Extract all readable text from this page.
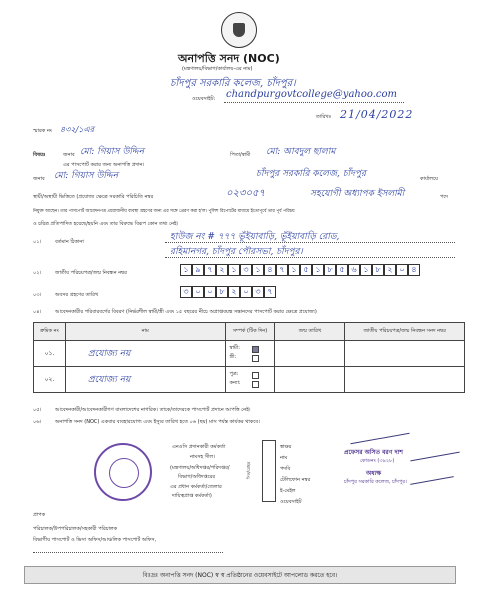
অনাপত্তি সনদ (NOC)
(মন্ত্রণালয়/বিভাগ/কার্যালয়-এর নাম)
চাঁদপুর সরকারি কলেজ, চাঁদপুর।
ওয়েবসাইট: chandpurgovtcollege@yahoo.com
তারিখঃ 21/04/2022
স্মারক নং ৪৩২/১এর
বিষয়ঃ	জনাব মো: গিয়াস উদ্দিন	পিতা/স্বামী মো: আবদুল ছালাম
এর পাসপোর্ট করার জন্য অনাপত্তি প্রদান।
জনাব মো: গিয়াস উদ্দিন	চাঁদপুর সরকারি কলেজ, চাঁদপুর	কার্যালয়ে
স্থায়ী/অস্থায়ী ভিত্তিতে (প্রযোজ্য ক্ষেত্রে সরকারি পরিচিতি নম্বর	০২৩০৫৭	সহযোগী অধ্যাপক ইসলামী	পদে
নিযুক্ত আছেন। তার পাসপোর্ট আবেদনপত্র প্রয়োজনীয় ব্যবস্থা গ্রহণের জন্য এর সঙ্গে প্রেরণ করা হ'ল। পুলিশ রিপোর্টের মাধ্যমে ইতোপূর্বে তার পূর্ব পরিচয়
ও চরিত্র প্রতিপাদিত হয়েছে/হয়নি এবং তার বিরুদ্ধে বিরূপ কোন তথ্য নেই।
০১।	বর্তমান ঠিকানা	হাউজ নং # ৭৭৭ ভূঁইয়াবাড়ি, ভূঁইয়াবাড়ি রোড,
রহিমানগর, চাঁদপুর পৌরসভা, চাঁদপুর।
০২।	জাতীয় পরিচয়পত্র/জন্ম নিবন্ধন নম্বর	১ ৯ ৭ ২ ১ ৩ ১ ৪ ৭ ১ ৫ ১ ৮ ৫ ৬ ১ ৮ ২ ০ ৪
০৩।	অবসর গ্রহণের তারিখ	৩ ০ ০ ৮ ২ ০ ৩ ৭
০৪।	আবেদনকারীর পরিবারবর্গের বিবরণ (নির্ভরশীল স্বামী/স্ত্রী এবং ১৫ বছরের নীচে অপ্রাপ্তবয়স্ক সন্তানদের পাসপোর্ট করার ক্ষেত্রে প্রযোজ্য)
ক্রমিক নং	নাম	সম্পর্ক (টিক দিন)	জন্ম তারিখ	জাতীয় পরিচয়পত্র/জন্ম নিবন্ধন সনদ নম্বর
০১.	প্রযোজ্য নয়	স্বামী:
স্ত্রী:		

০২.	প্রযোজ্য নয়	পুত্র:
কন্যা:		

০৫।	আবেদনকারী/আবেদনকারীগণ বাংলাদেশের নাগরিক। তাকে/তাদেরকে পাসপোর্ট প্রদানে আপত্তি নেই।
০৬।	অনাপত্তি সনদ (NOC) একবার ব্যবহারযোগ্য এবং ইস্যুর তারিখ হতে ০৬ (ছয়) মাস পর্যন্ত কার্যকর থাকবে।
এনওসি প্রদানকারী কর্মকর্তা
নামসহ সীল।
(মন্ত্রণালয়/অধিদপ্তর/পরিদপ্তর/
বিভাগ/অধিদপ্তরের
এর প্রধান কর্মকর্তা/জেলার
দায়িত্বপ্রাপ্ত কর্মকর্তা)
সিল/মোহর
স্বাক্ষর
নাম
পদবি
টেলিফোন নম্বর
ই-মেইল
ওয়েবসাইট
প্রফেসর অসিত বরণ দাশ
কোডনং (৩৯২৮)
অধ্যক্ষ
চাঁদপুর সরকারি কলেজ, চাঁদপুর।
প্রাপক
পরিচালক/উপপরিচালক/সহকারী পরিচালক
বিভাগীয় পাসপোর্ট ও ভিসা অফিস/আঞ্চলিক পাসপোর্ট অফিস,
বিঃদ্রঃ অনাপত্তি সনদ (NOC) স্ব স্ব প্রতিষ্ঠানের ওয়েবসাইটে আপলোড করতে হবে।
